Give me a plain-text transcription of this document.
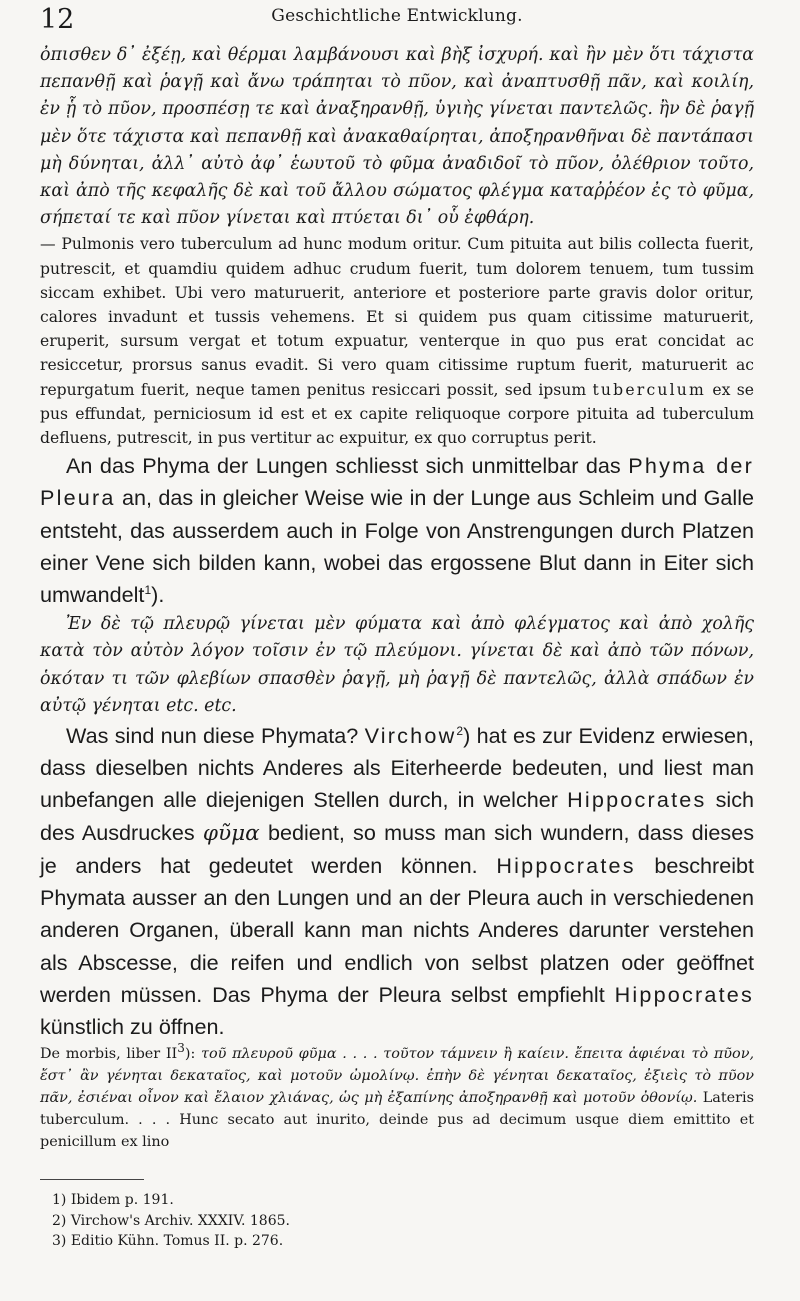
12	Geschichtliche Entwicklung.

ὀπισθεν δ᾽ ἐξέῃ, καὶ θέρμαι λαμβάνουσι καὶ βὴξ ἰσχυρή. καὶ ἢν μὲν ὅτι τάχιστα πεπανθῇ καὶ ῥαγῇ καὶ ἄνω τράπηται τὸ πῦον, καὶ ἀναπτυσθῇ πᾶν, καὶ κοιλίη, ἐν ᾗ τὸ πῦον, προσπέσῃ τε καὶ ἀναξηρανθῇ, ὑγιὴς γίνεται παντελῶς. ἢν δὲ ῥαγῇ μὲν ὅτε τάχιστα καὶ πεπανθῇ καὶ ἀνακαθαίρηται, ἀποξηρανθῆναι δὲ παντάπασι μὴ δύνηται, ἀλλ᾽ αὐτὸ ἀφ᾽ ἑωυτοῦ τὸ φῦμα ἀναδιδοῖ τὸ πῦον, ὀλέθριον τοῦτο, καὶ ἀπὸ τῆς κεφαλῆς δὲ καὶ τοῦ ἄλλου σώματος φλέγμα καταῤῥέον ἐς τὸ φῦμα, σήπεταί τε καὶ πῦον γίνεται καὶ πτύεται δι᾽ οὗ ἐφθάρη.

— Pulmonis vero tuberculum ad hunc modum oritur. Cum pituita aut bilis collecta fuerit, putrescit, et quamdiu quidem adhuc crudum fuerit, tum dolorem tenuem, tum tussim siccam exhibet. Ubi vero maturuerit, anteriore et posteriore parte gravis dolor oritur, calores invadunt et tussis vehemens. Et si quidem pus quam citissime maturuerit, eruperit, sursum vergat et totum expuatur, venterque in quo pus erat concidat ac resiccetur, prorsus sanus evadit. Si vero quam citissime ruptum fuerit, maturuerit ac repurgatum fuerit, neque tamen penitus resiccari possit, sed ipsum tuberculum ex se pus effundat, perniciosum id est et ex capite reliquoque corpore pituita ad tuberculum defluens, putrescit, in pus vertitur ac expuitur, ex quo corruptus perit.

An das Phyma der Lungen schliesst sich unmittelbar das Phyma der Pleura an, das in gleicher Weise wie in der Lunge aus Schleim und Galle entsteht, das ausserdem auch in Folge von Anstrengungen durch Platzen einer Vene sich bilden kann, wobei das ergossene Blut dann in Eiter sich umwandelt$^1$).

Ἐν δὲ τῷ πλευρῷ γίνεται μὲν φύματα καὶ ἀπὸ φλέγματος καὶ ἀπὸ χολῆς κατὰ τὸν αὐτὸν λόγον τοῖσιν ἐν τῷ πλεύμονι. γίνεται δὲ καὶ ἀπὸ τῶν πόνων, ὁκόταν τι τῶν φλεβίων σπασθὲν ῥαγῇ, μὴ ῥαγῇ δὲ παντελῶς, ἀλλὰ σπάδων ἐν αὐτῷ γένηται etc. etc.

Was sind nun diese Phymata? Virchow$^2$) hat es zur Evidenz erwiesen, dass dieselben nichts Anderes als Eiterheerde bedeuten, und liest man unbefangen alle diejenigen Stellen durch, in welcher Hippocrates sich des Ausdruckes φῦμα bedient, so muss man sich wundern, dass dieses je anders hat gedeutet werden können. Hippocrates beschreibt Phymata ausser an den Lungen und an der Pleura auch in verschiedenen anderen Organen, überall kann man nichts Anderes darunter verstehen als Abscesse, die reifen und endlich von selbst platzen oder geöffnet werden müssen. Das Phyma der Pleura selbst empfiehlt Hippocrates künstlich zu öffnen.

De morbis, liber $II^3$): τοῦ πλευροῦ φῦμα . . . . τοῦτον τάμνειν ἢ καίειν. ἔπειτα ἀφιέναι τὸ πῦον, ἔστ᾽ ἂν γένηται δεκαταῖος, καὶ μοτοῦν ὠμολίνῳ. ἐπὴν δὲ γένηται δεκαταῖος, ἐξιεὶς τὸ πῦον πᾶν, ἐσιέναι οἶνον καὶ ἔλαιον χλιάνας, ὡς μὴ ἐξαπίνης ἀποξηρανθῇ καὶ μοτοῦν ὀθονίῳ. Lateris tuberculum. . . . Hunc secato aut inurito, deinde pus ad decimum usque diem emittito et penicillum ex lino

1) Ibidem p. 191.
2) Virchow's Archiv. XXXIV. 1865.
3) Editio Kühn. Tomus II. p. 276.
